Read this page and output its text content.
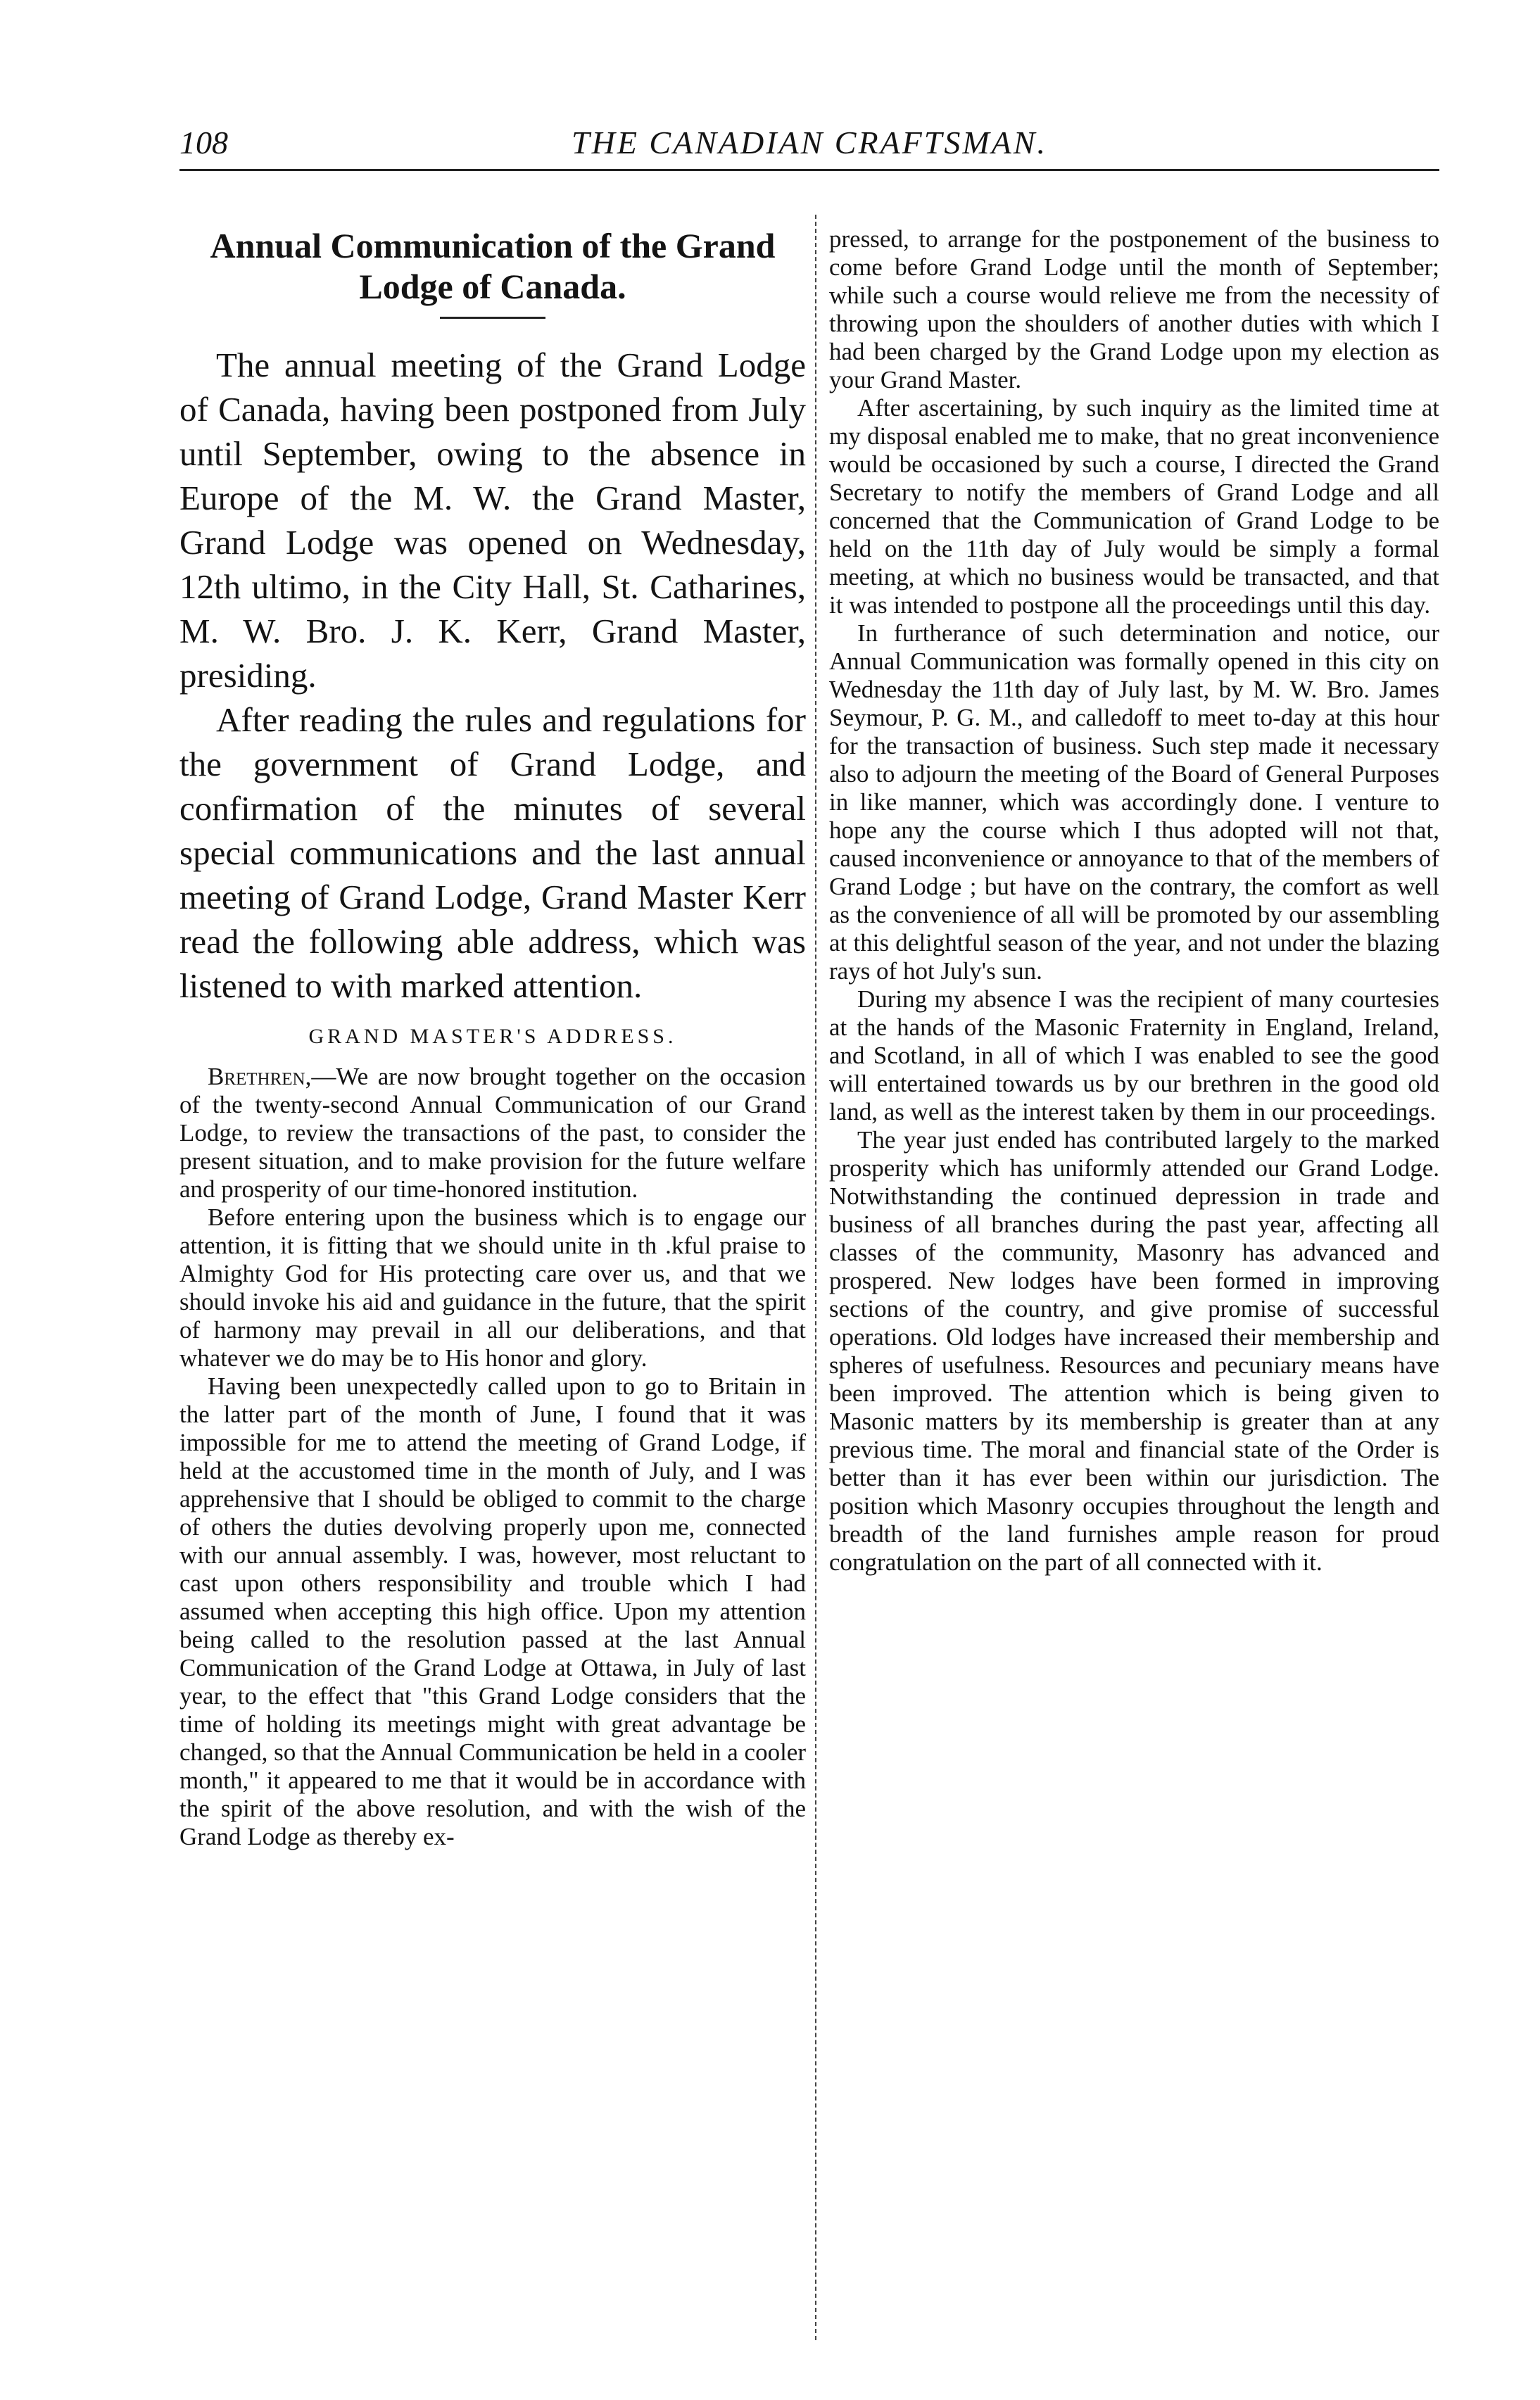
108	THE CANADIAN CRAFTSMAN.
Annual Communication of the Grand Lodge of Canada.

The annual meeting of the Grand Lodge of Canada, having been postponed from July until September, owing to the absence in Europe of the M. W. the Grand Master, Grand Lodge was opened on Wednesday, 12th ultimo, in the City Hall, St. Catharines, M. W. Bro. J. K. Kerr, Grand Master, presiding.

After reading the rules and regulations for the government of Grand Lodge, and confirmation of the minutes of several special communications and the last annual meeting of Grand Lodge, Grand Master Kerr read the following able address, which was listened to with marked attention.

GRAND MASTER'S ADDRESS.

Brethren,—We are now brought together on the occasion of the twenty-second Annual Communication of our Grand Lodge, to review the transactions of the past, to consider the present situation, and to make provision for the future welfare and prosperity of our time-honored institution.

Before entering upon the business which is to engage our attention, it is fitting that we should unite in th .kful praise to Almighty God for His protecting care over us, and that we should invoke his aid and guidance in the future, that the spirit of harmony may prevail in all our deliberations, and that whatever we do may be to His honor and glory.

Having been unexpectedly called upon to go to Britain in the latter part of the month of June, I found that it was impossible for me to attend the meeting of Grand Lodge, if held at the accustomed time in the month of July, and I was apprehensive that I should be obliged to commit to the charge of others the duties devolving properly upon me, connected with our annual assembly. I was, however, most reluctant to cast upon others responsibility and trouble which I had assumed when accepting this high office. Upon my attention being called to the resolution passed at the last Annual Communication of the Grand Lodge at Ottawa, in July of last year, to the effect that "this Grand Lodge considers that the time of holding its meetings might with great advantage be changed, so that the Annual Communication be held in a cooler month," it appeared to me that it would be in accordance with the spirit of the above resolution, and with the wish of the Grand Lodge as thereby ex-

pressed, to arrange for the postponement of the business to come before Grand Lodge until the month of September; while such a course would relieve me from the necessity of throwing upon the shoulders of another duties with which I had been charged by the Grand Lodge upon my election as your Grand Master.

After ascertaining, by such inquiry as the limited time at my disposal enabled me to make, that no great inconvenience would be occasioned by such a course, I directed the Grand Secretary to notify the members of Grand Lodge and all concerned that the Communication of Grand Lodge to be held on the 11th day of July would be simply a formal meeting, at which no business would be transacted, and that it was intended to postpone all the proceedings until this day.

In furtherance of such determination and notice, our Annual Communication was formally opened in this city on Wednesday the 11th day of July last, by M. W. Bro. James Seymour, P. G. M., and calledoff to meet to-day at this hour for the transaction of business. Such step made it necessary also to adjourn the meeting of the Board of General Purposes in like manner, which was accordingly done. I venture to hope any the course which I thus adopted will not that, caused inconvenience or annoyance to that of the members of Grand Lodge ; but have on the contrary, the comfort as well as the convenience of all will be promoted by our assembling at this delightful season of the year, and not under the blazing rays of hot July's sun.

During my absence I was the recipient of many courtesies at the hands of the Masonic Fraternity in England, Ireland, and Scotland, in all of which I was enabled to see the good will entertained towards us by our brethren in the good old land, as well as the interest taken by them in our proceedings.

The year just ended has contributed largely to the marked prosperity which has uniformly attended our Grand Lodge. Notwithstanding the continued depression in trade and business of all branches during the past year, affecting all classes of the community, Masonry has advanced and prospered. New lodges have been formed in improving sections of the country, and give promise of successful operations. Old lodges have increased their membership and spheres of usefulness. Resources and pecuniary means have been improved. The attention which is being given to Masonic matters by its membership is greater than at any previous time. The moral and financial state of the Order is better than it has ever been within our jurisdiction. The position which Masonry occupies throughout the length and breadth of the land furnishes ample reason for proud congratulation on the part of all connected with it.
